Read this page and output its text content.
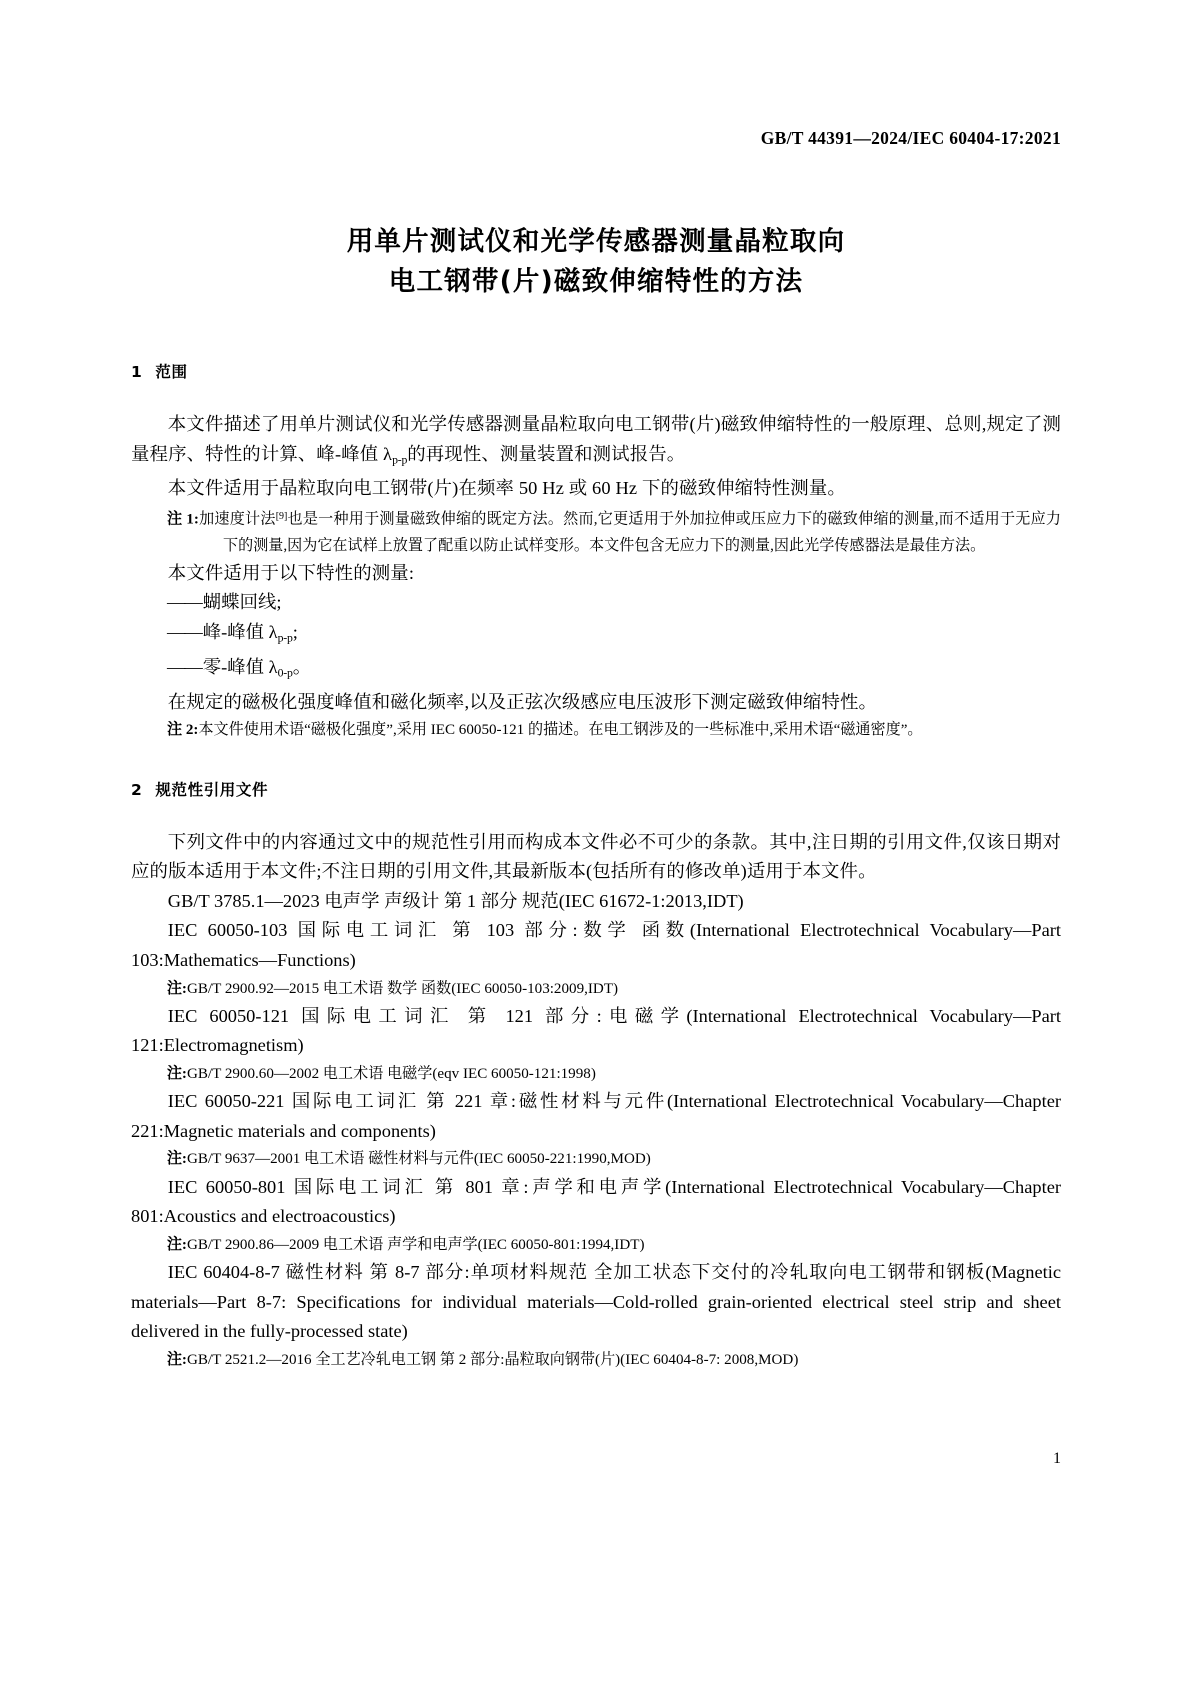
GB/T 44391—2024/IEC 60404-17:2021
用单片测试仪和光学传感器测量晶粒取向
电工钢带(片)磁致伸缩特性的方法
1 范围

本文件描述了用单片测试仪和光学传感器测量晶粒取向电工钢带(片)磁致伸缩特性的一般原理、总则,规定了测量程序、特性的计算、峰-峰值 $\lambda_{p-p}$的再现性、测量装置和测试报告。

本文件适用于晶粒取向电工钢带(片)在频率 50 Hz 或 60 Hz 下的磁致伸缩特性测量。

注 1:加速度计法[9]也是一种用于测量磁致伸缩的既定方法。然而,它更适用于外加拉伸或压应力下的磁致伸缩的测量,而不适用于无应力下的测量,因为它在试样上放置了配重以防止试样变形。本文件包含无应力下的测量,因此光学传感器法是最佳方法。

本文件适用于以下特性的测量:

——蝴蝶回线;

——峰-峰值 $\lambda_{p-p}$;

——零-峰值 $\lambda_{0-p}$。

在规定的磁极化强度峰值和磁化频率,以及正弦次级感应电压波形下测定磁致伸缩特性。

注 2:本文件使用术语“磁极化强度”,采用 IEC 60050-121 的描述。在电工钢涉及的一些标准中,采用术语“磁通密度”。

2 规范性引用文件

下列文件中的内容通过文中的规范性引用而构成本文件必不可少的条款。其中,注日期的引用文件,仅该日期对应的版本适用于本文件;不注日期的引用文件,其最新版本(包括所有的修改单)适用于本文件。

GB/T 3785.1—2023 电声学 声级计 第 1 部分 规范(IEC 61672-1:2013,IDT)

IEC 60050-103 国际电工词汇 第 103 部分:数学 函数(International Electrotechnical Vocabulary—Part 103:Mathematics—Functions)

注:GB/T 2900.92—2015 电工术语 数学 函数(IEC 60050-103:2009,IDT)

IEC 60050-121 国际电工词汇 第 121 部分:电磁学(International Electrotechnical Vocabulary—Part 121:Electromagnetism)

注:GB/T 2900.60—2002 电工术语 电磁学(eqv IEC 60050-121:1998)

IEC 60050-221 国际电工词汇 第 221 章:磁性材料与元件(International Electrotechnical Vocabulary—Chapter 221:Magnetic materials and components)

注:GB/T 9637—2001 电工术语 磁性材料与元件(IEC 60050-221:1990,MOD)

IEC 60050-801 国际电工词汇 第 801 章:声学和电声学(International Electrotechnical Vocabulary—Chapter 801:Acoustics and electroacoustics)

注:GB/T 2900.86—2009 电工术语 声学和电声学(IEC 60050-801:1994,IDT)

IEC 60404-8-7 磁性材料 第 8-7 部分:单项材料规范 全加工状态下交付的冷轧取向电工钢带和钢板(Magnetic materials—Part 8-7: Specifications for individual materials—Cold-rolled grain-oriented electrical steel strip and sheet delivered in the fully-processed state)

注:GB/T 2521.2—2016 全工艺冷轧电工钢 第 2 部分:晶粒取向钢带(片)(IEC 60404-8-7: 2008,MOD)

1
